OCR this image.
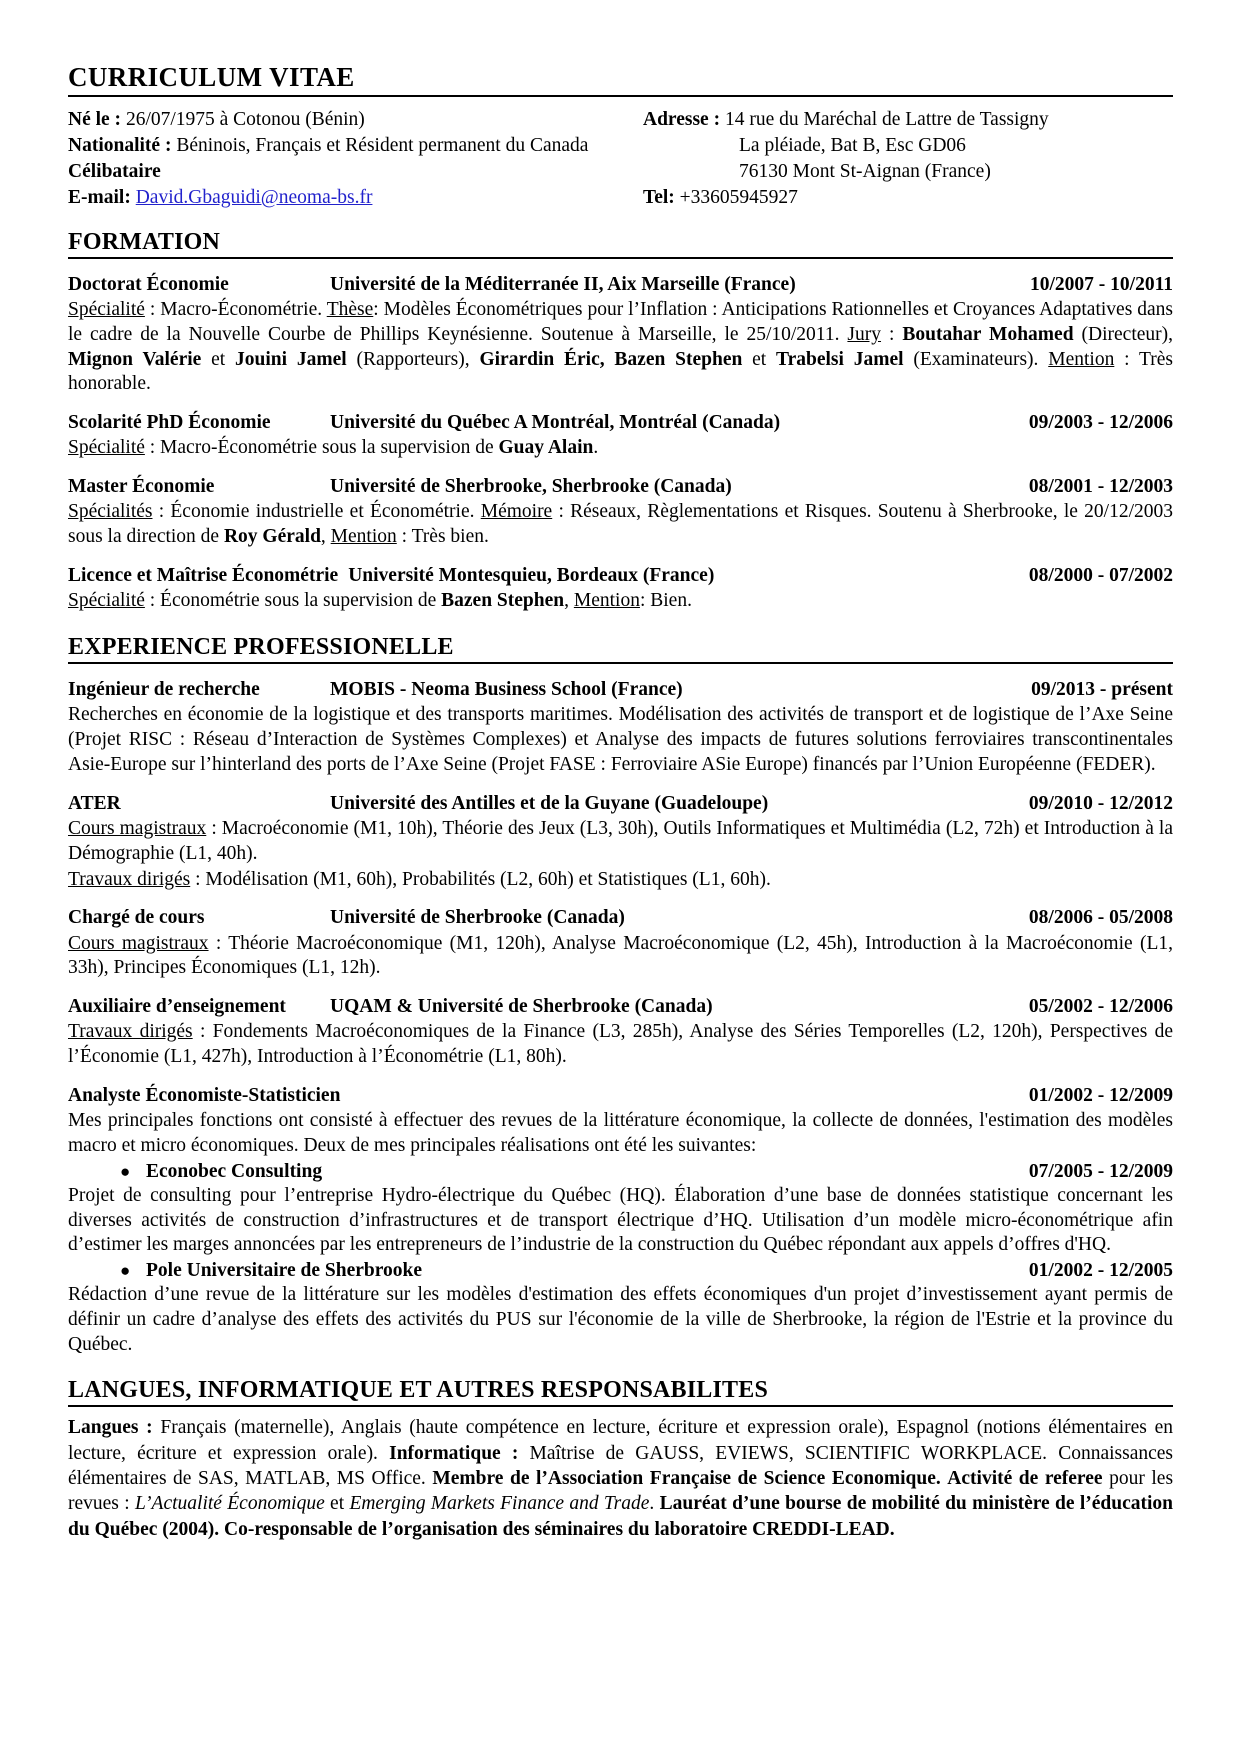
CURRICULUM VITAE
Né le : 26/07/1975 à Cotonou (Bénin)
Nationalité : Béninois, Français et Résident permanent du Canada
Célibataire
E-mail: David.Gbaguidi@neoma-bs.fr
Adresse : 14 rue du Maréchal de Lattre de Tassigny
La pléiade, Bat B, Esc GD06
76130 Mont St-Aignan (France)
Tel: +33605945927
FORMATION
Doctorat Économie	Université de la Méditerranée II, Aix Marseille (France)	10/2007 - 10/2011
Spécialité : Macro-Économétrie. Thèse: Modèles Économétriques pour l’Inflation : Anticipations Rationnelles et Croyances Adaptatives dans le cadre de la Nouvelle Courbe de Phillips Keynésienne. Soutenue à Marseille, le 25/10/2011. Jury : Boutahar Mohamed (Directeur), Mignon Valérie et Jouini Jamel (Rapporteurs), Girardin Éric, Bazen Stephen et Trabelsi Jamel (Examinateurs). Mention : Très honorable.
Scolarité PhD Économie	Université du Québec A Montréal, Montréal (Canada)	09/2003 - 12/2006
Spécialité : Macro-Économétrie sous la supervision de Guay Alain.
Master Économie	Université de Sherbrooke, Sherbrooke (Canada)	08/2001 - 12/2003
Spécialités : Économie industrielle et Économétrie. Mémoire : Réseaux, Règlementations et Risques. Soutenu à Sherbrooke, le 20/12/2003 sous la direction de Roy Gérald, Mention : Très bien.
Licence et Maîtrise Économétrie Université Montesquieu, Bordeaux (France)	08/2000 - 07/2002
Spécialité : Économétrie sous la supervision de Bazen Stephen, Mention: Bien.
EXPERIENCE PROFESSIONELLE
Ingénieur de recherche	MOBIS - Neoma Business School (France)	09/2013 - présent
Recherches en économie de la logistique et des transports maritimes. Modélisation des activités de transport et de logistique de l’Axe Seine (Projet RISC : Réseau d’Interaction de Systèmes Complexes) et Analyse des impacts de futures solutions ferroviaires transcontinentales Asie-Europe sur l’hinterland des ports de l’Axe Seine (Projet FASE : Ferroviaire ASie Europe) financés par l’Union Européenne (FEDER).
ATER	Université des Antilles et de la Guyane (Guadeloupe)	09/2010 - 12/2012
Cours magistraux : Macroéconomie (M1, 10h), Théorie des Jeux (L3, 30h), Outils Informatiques et Multimédia (L2, 72h) et Introduction à la Démographie (L1, 40h).
Travaux dirigés : Modélisation (M1, 60h), Probabilités (L2, 60h) et Statistiques (L1, 60h).
Chargé de cours	Université de Sherbrooke (Canada)	08/2006 - 05/2008
Cours magistraux : Théorie Macroéconomique (M1, 120h), Analyse Macroéconomique (L2, 45h), Introduction à la Macroéconomie (L1, 33h), Principes Économiques (L1, 12h).
Auxiliaire d’enseignement	UQAM & Université de Sherbrooke (Canada)	05/2002 - 12/2006
Travaux dirigés : Fondements Macroéconomiques de la Finance (L3, 285h), Analyse des Séries Temporelles (L2, 120h), Perspectives de l’Économie (L1, 427h), Introduction à l’Économétrie (L1, 80h).
Analyste Économiste-Statisticien	01/2002 - 12/2009
Mes principales fonctions ont consisté à effectuer des revues de la littérature économique, la collecte de données, l'estimation des modèles macro et micro économiques. Deux de mes principales réalisations ont été les suivantes:
● Econobec Consulting	07/2005 - 12/2009
Projet de consulting pour l’entreprise Hydro-électrique du Québec (HQ). Élaboration d’une base de données statistique concernant les diverses activités de construction d’infrastructures et de transport électrique d’HQ. Utilisation d’un modèle micro-économétrique afin d’estimer les marges annoncées par les entrepreneurs de l’industrie de la construction du Québec répondant aux appels d’offres d'HQ.
● Pole Universitaire de Sherbrooke	01/2002 - 12/2005
Rédaction d’une revue de la littérature sur les modèles d'estimation des effets économiques d'un projet d’investissement ayant permis de définir un cadre d’analyse des effets des activités du PUS sur l'économie de la ville de Sherbrooke, la région de l'Estrie et la province du Québec.
LANGUES, INFORMATIQUE ET AUTRES RESPONSABILITES
Langues : Français (maternelle), Anglais (haute compétence en lecture, écriture et expression orale), Espagnol (notions élémentaires en lecture, écriture et expression orale). Informatique : Maîtrise de GAUSS, EVIEWS, SCIENTIFIC WORKPLACE. Connaissances élémentaires de SAS, MATLAB, MS Office. Membre de l’Association Française de Science Economique. Activité de referee pour les revues : L’Actualité Économique et Emerging Markets Finance and Trade. Lauréat d’une bourse de mobilité du ministère de l’éducation du Québec (2004). Co-responsable de l’organisation des séminaires du laboratoire CREDDI-LEAD.
